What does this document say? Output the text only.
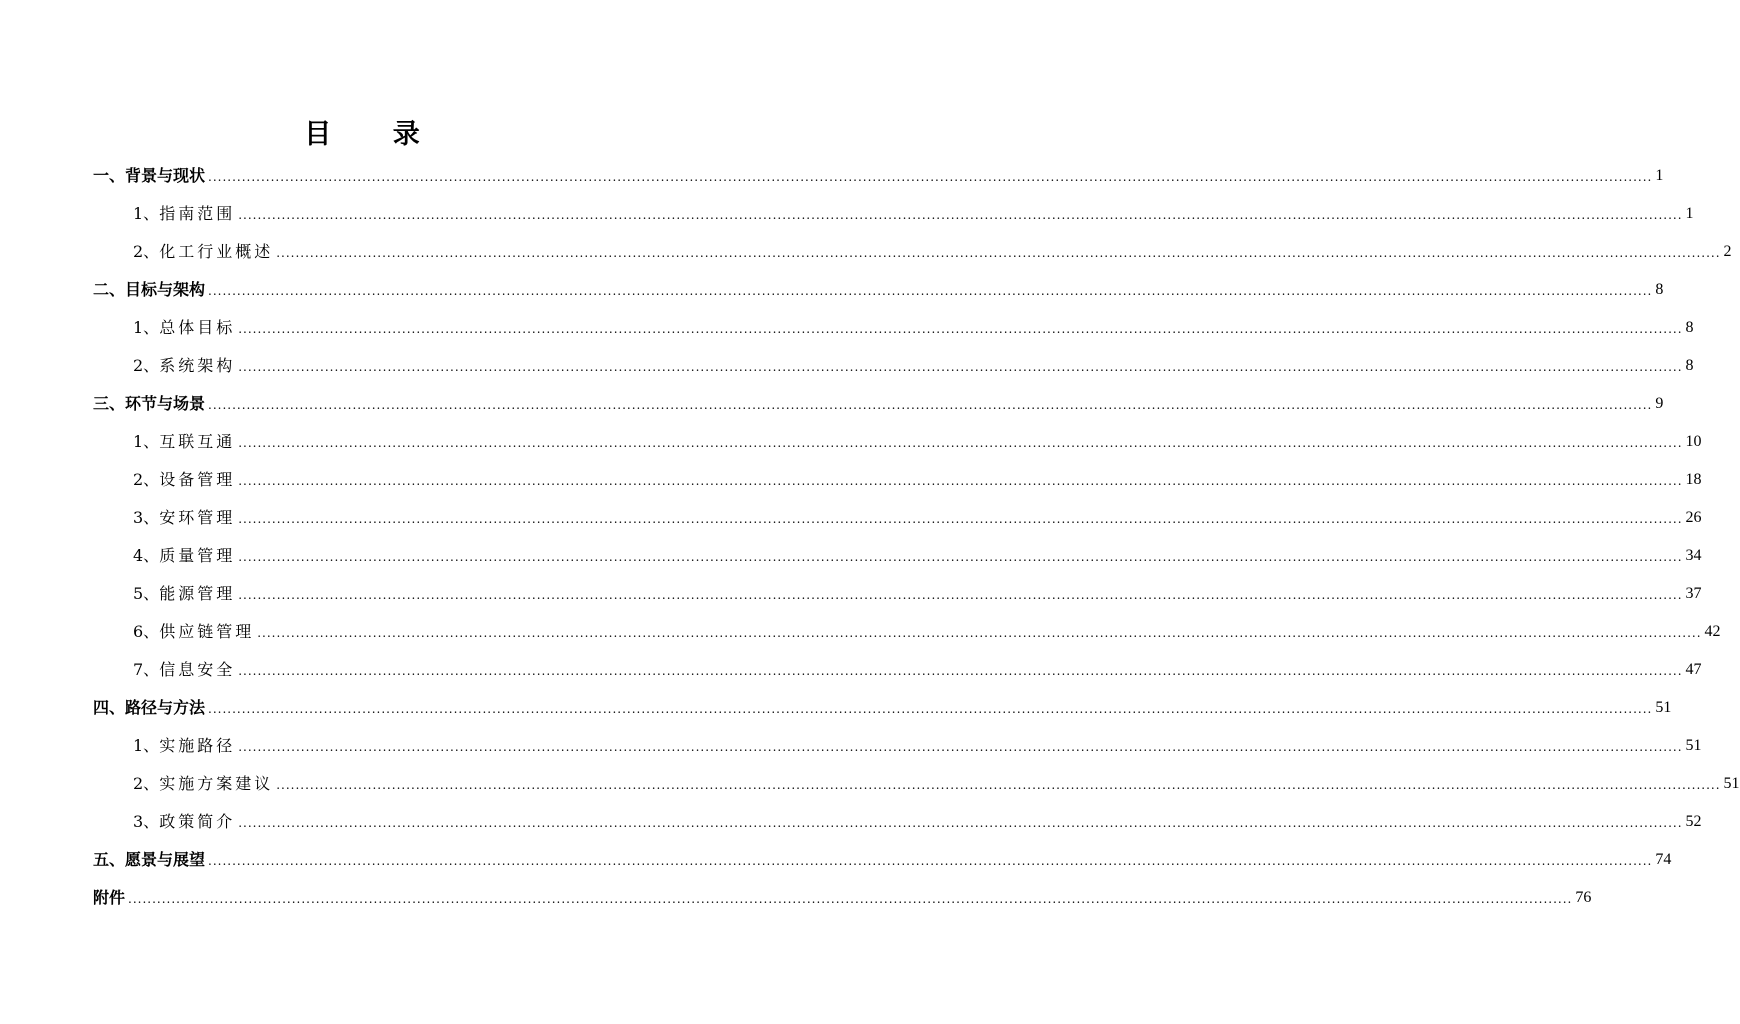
目 录
一、 背景与现状 ............................................................................................................................................................................................................................................................................................................ 1
1、 指南范围 ............................................................................................................................................................................................................................................................................................................ 1
2、 化工行业概述 ............................................................................................................................................................................................................................................................................................................ 2
二、 目标与架构 ............................................................................................................................................................................................................................................................................................................ 8
1、 总体目标 ............................................................................................................................................................................................................................................................................................................ 8
2、 系统架构 ............................................................................................................................................................................................................................................................................................................ 8
三、 环节与场景 ............................................................................................................................................................................................................................................................................................................ 9
1、 互联互通 ............................................................................................................................................................................................................................................................................................................ 10
2、 设备管理 ............................................................................................................................................................................................................................................................................................................ 18
3、 安环管理 ............................................................................................................................................................................................................................................................................................................ 26
4、 质量管理 ............................................................................................................................................................................................................................................................................................................ 34
5、 能源管理 ............................................................................................................................................................................................................................................................................................................ 37
6、 供应链管理 ............................................................................................................................................................................................................................................................................................................ 42
7、 信息安全 ............................................................................................................................................................................................................................................................................................................ 47
四、 路径与方法 ............................................................................................................................................................................................................................................................................................................ 51
1、 实施路径 ............................................................................................................................................................................................................................................................................................................ 51
2、 实施方案建议 ............................................................................................................................................................................................................................................................................................................ 51
3、 政策简介 ............................................................................................................................................................................................................................................................................................................ 52
五、 愿景与展望 ............................................................................................................................................................................................................................................................................................................ 74
附件 ............................................................................................................................................................................................................................................................................................................ 76
